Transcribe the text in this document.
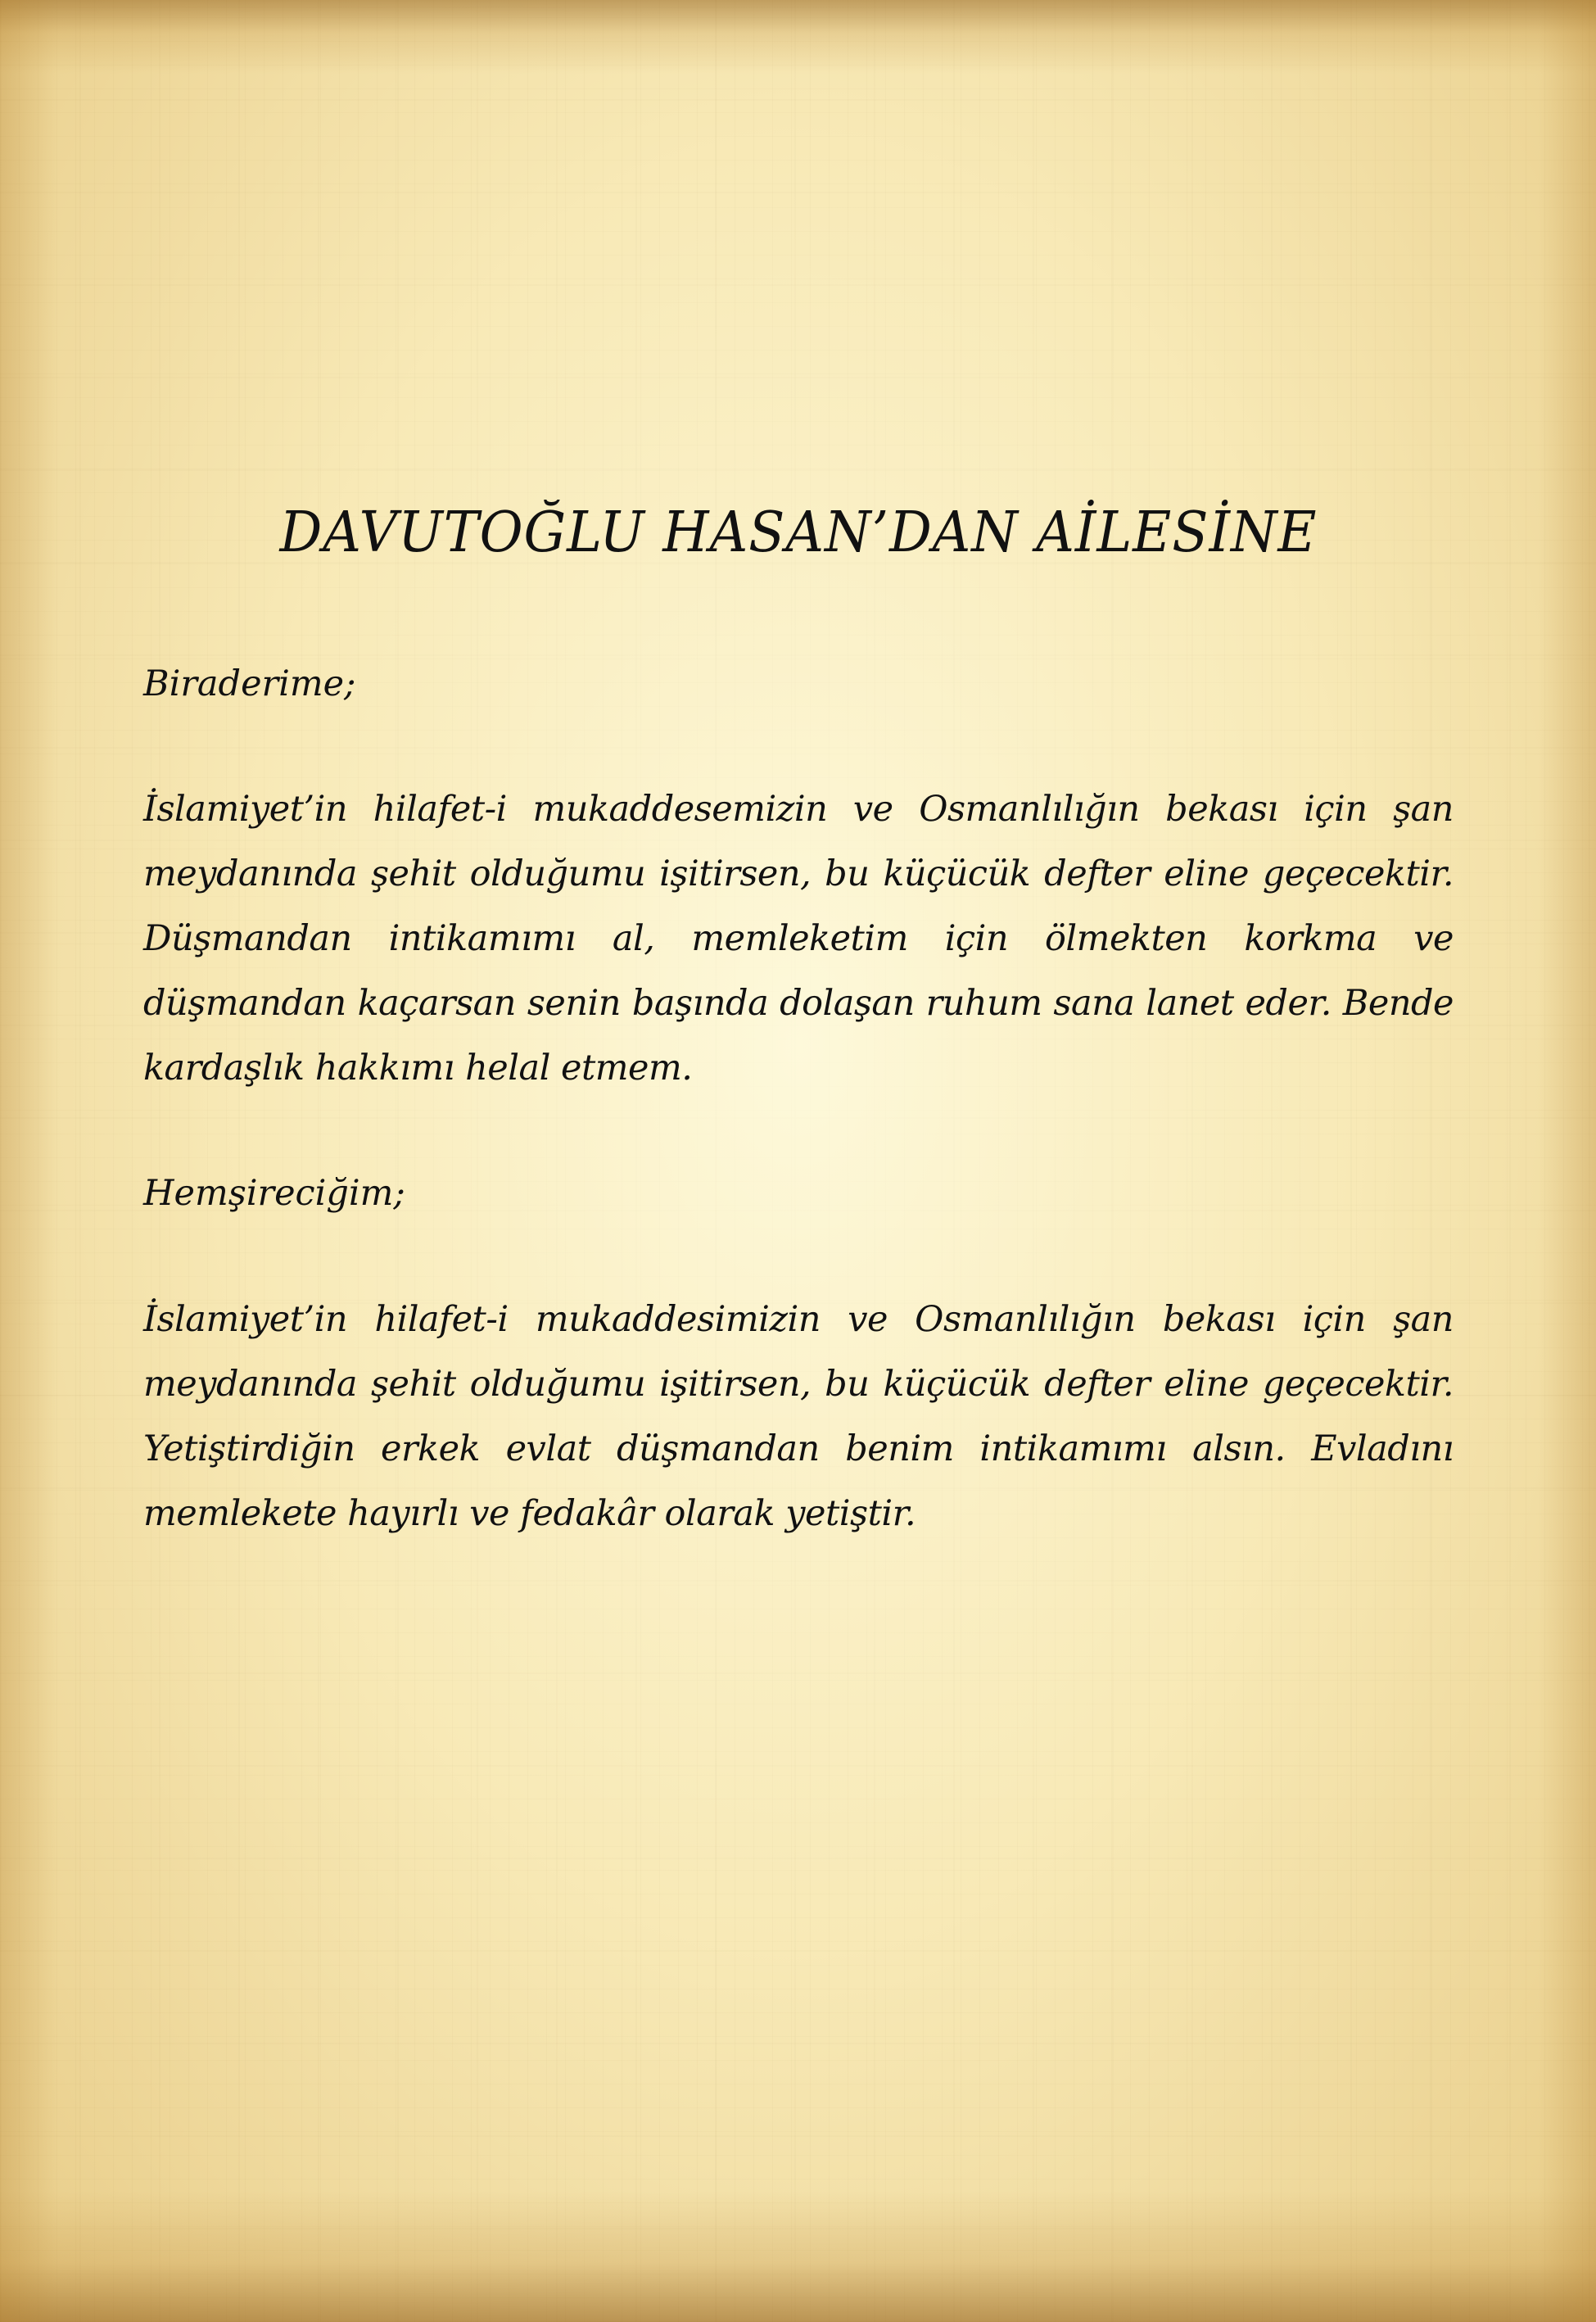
DAVUTOĞLU HASAN’DAN AİLESİNE

Biraderime;

İslamiyet’in hilafet-i mukaddesemizin ve Osmanlılığın bekası için şan meydanında şehit olduğumu işitirsen, bu küçücük defter eline geçecektir. Düşmandan intikamımı al, memleketim için ölmekten korkma ve düşmandan kaçarsan senin başında dolaşan ruhum sana lanet eder. Bende kardaşlık hakkımı helal etmem.

Hemşireciğim;

İslamiyet’in hilafet-i mukaddesimizin ve Osmanlılığın bekası için şan meydanında şehit olduğumu işitirsen, bu küçücük defter eline geçecektir. Yetiştirdiğin erkek evlat düşmandan benim intikamımı alsın. Evladını memlekete hayırlı ve fedakâr olarak yetiştir.
